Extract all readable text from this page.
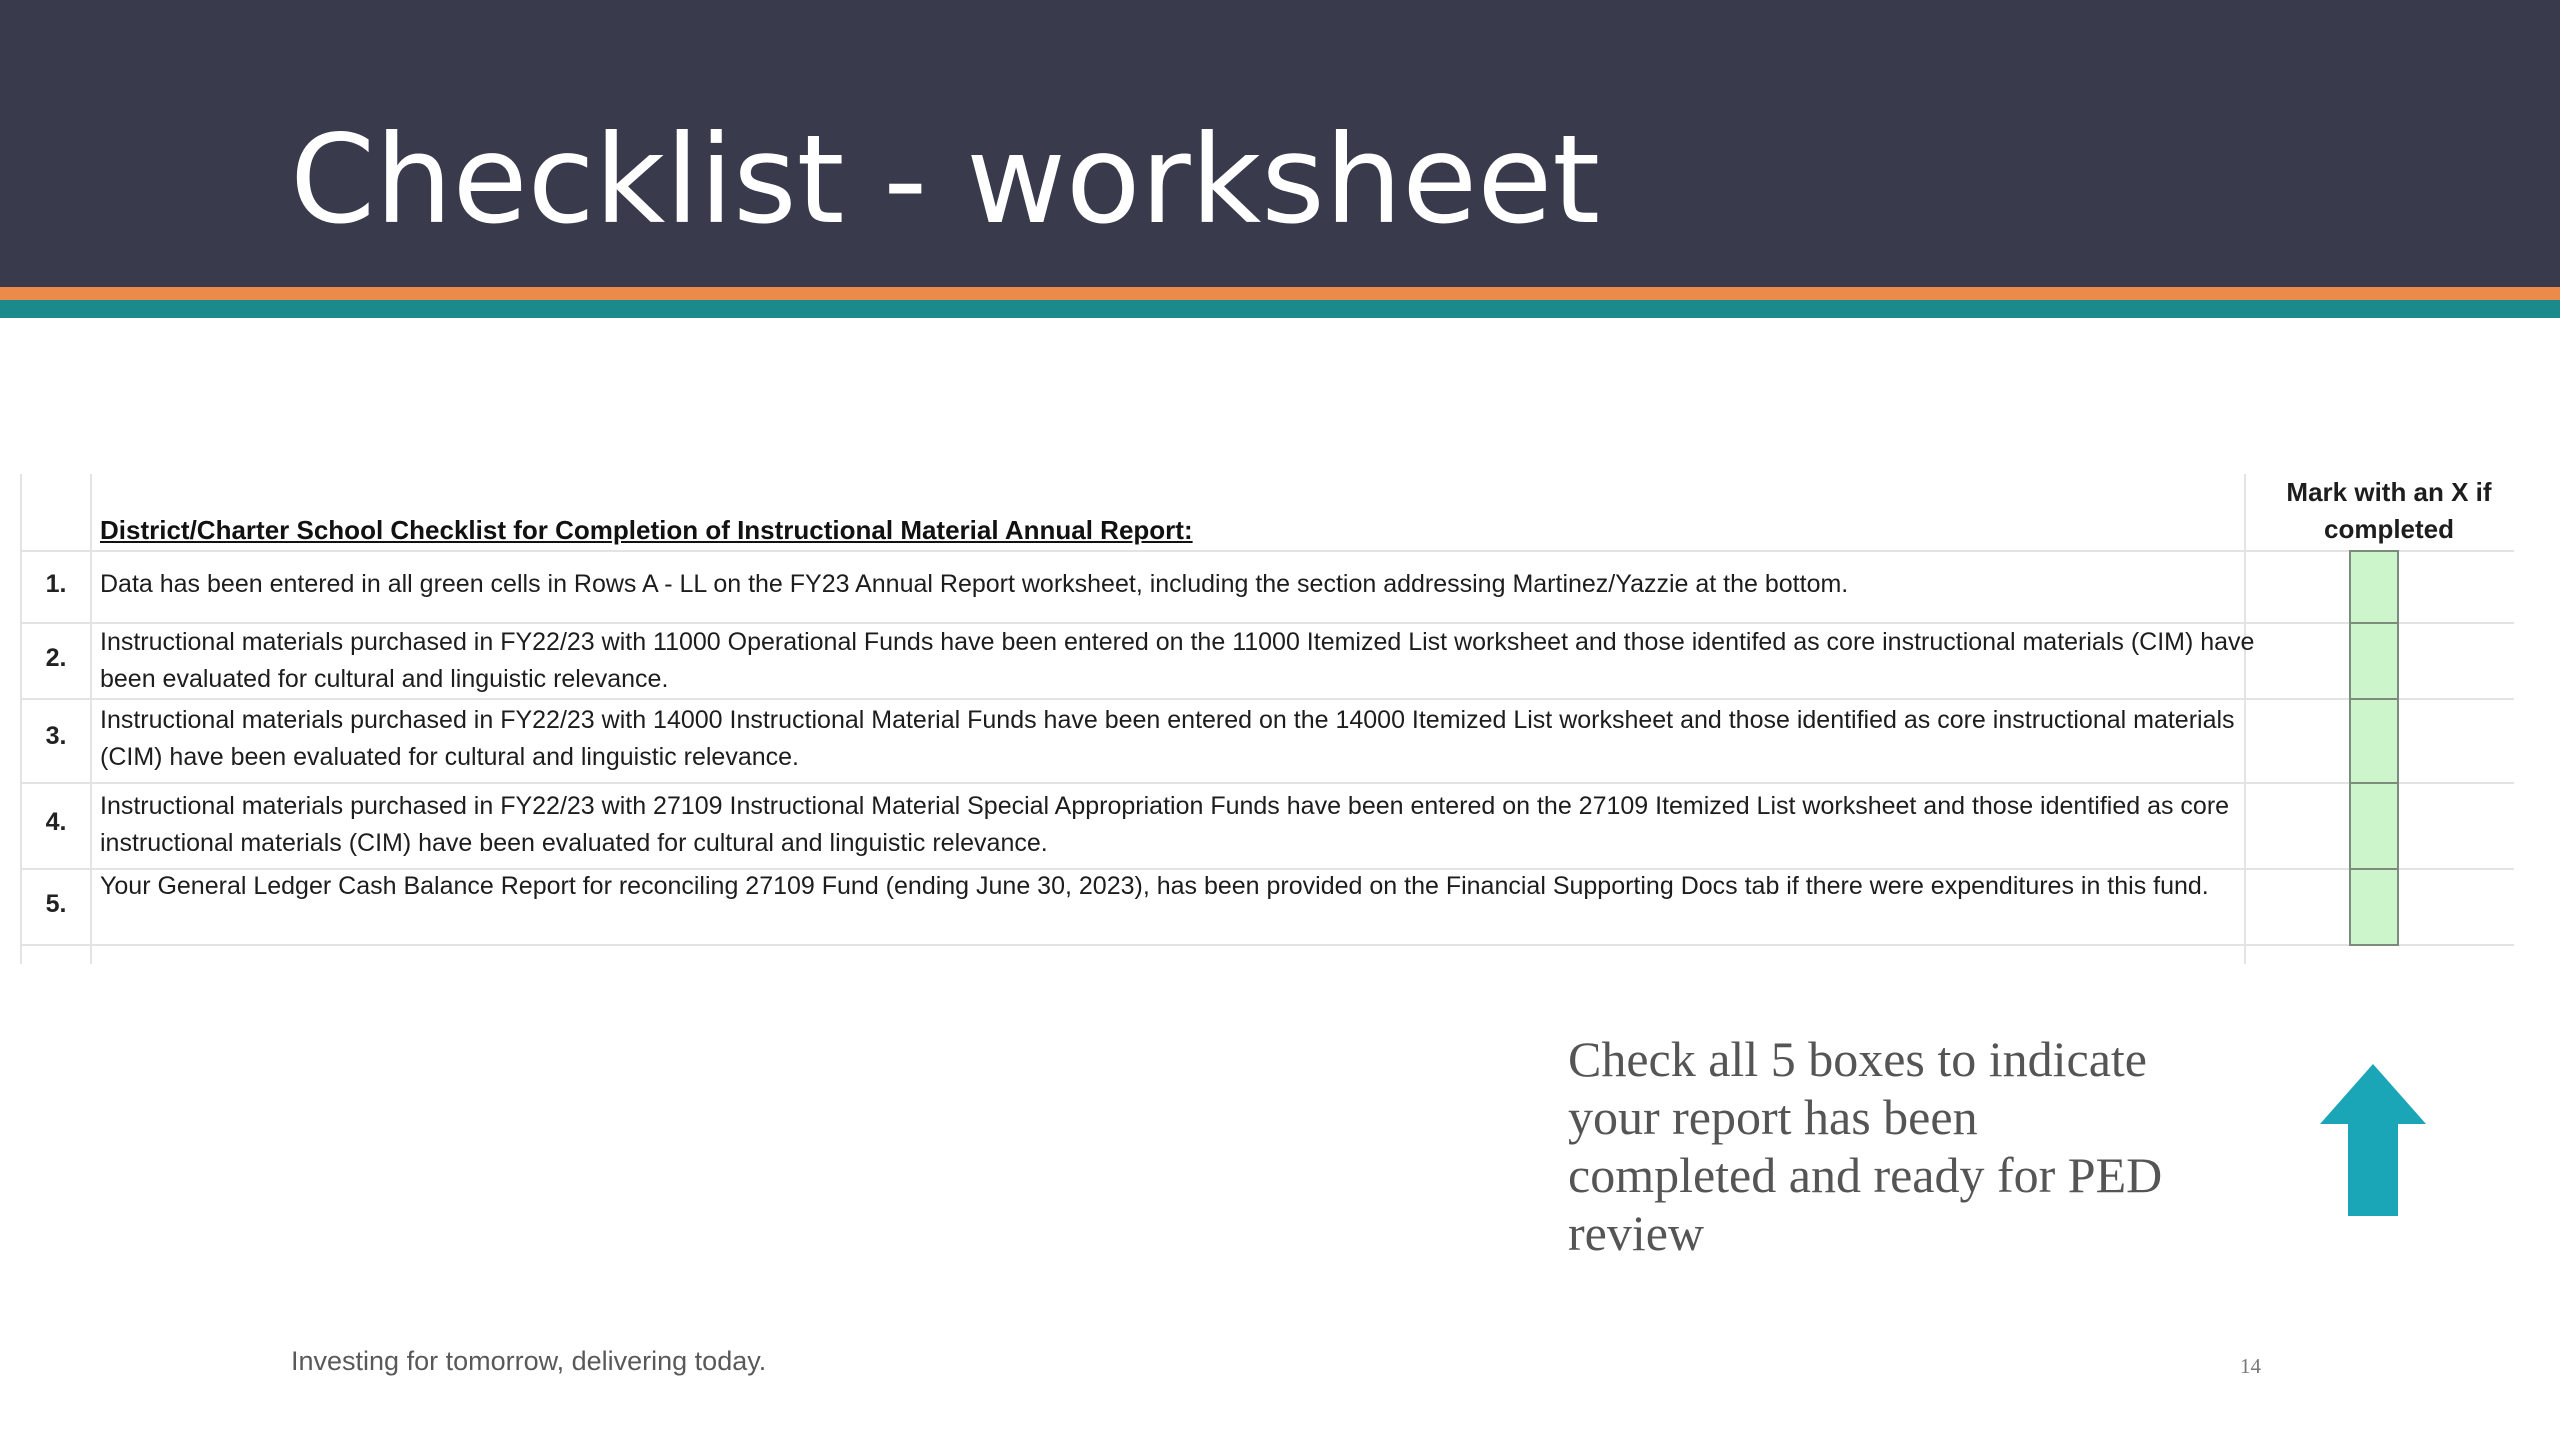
Checklist - worksheet
Mark with an X if
completed
District/Charter School Checklist for Completion of Instructional Material Annual Report:
1.	Data has been entered in all green cells in Rows A - LL on the FY23 Annual Report worksheet, including the section addressing Martinez/Yazzie at the bottom.
2.
Instructional materials purchased in FY22/23 with 11000 Operational Funds have been entered on the 11000 Itemized List worksheet and those identifed as core instructional materials (CIM) have been evaluated for cultural and linguistic relevance.
3.
Instructional materials purchased in FY22/23 with 14000 Instructional Material Funds have been entered on the 14000 Itemized List worksheet and those identified as core instructional materials (CIM) have been evaluated for cultural and linguistic relevance.
4.
Instructional materials purchased in FY22/23 with 27109 Instructional Material Special Appropriation Funds have been entered on the 27109 Itemized List worksheet and those identified as core instructional materials (CIM) have been evaluated for cultural and linguistic relevance.
5.
Your General Ledger Cash Balance Report for reconciling 27109 Fund (ending June 30, 2023), has been provided on the Financial Supporting Docs tab if there were expenditures in this fund.
Check all 5 boxes to indicate your report has been completed and ready for PED review
Investing for tomorrow, delivering today.	14
